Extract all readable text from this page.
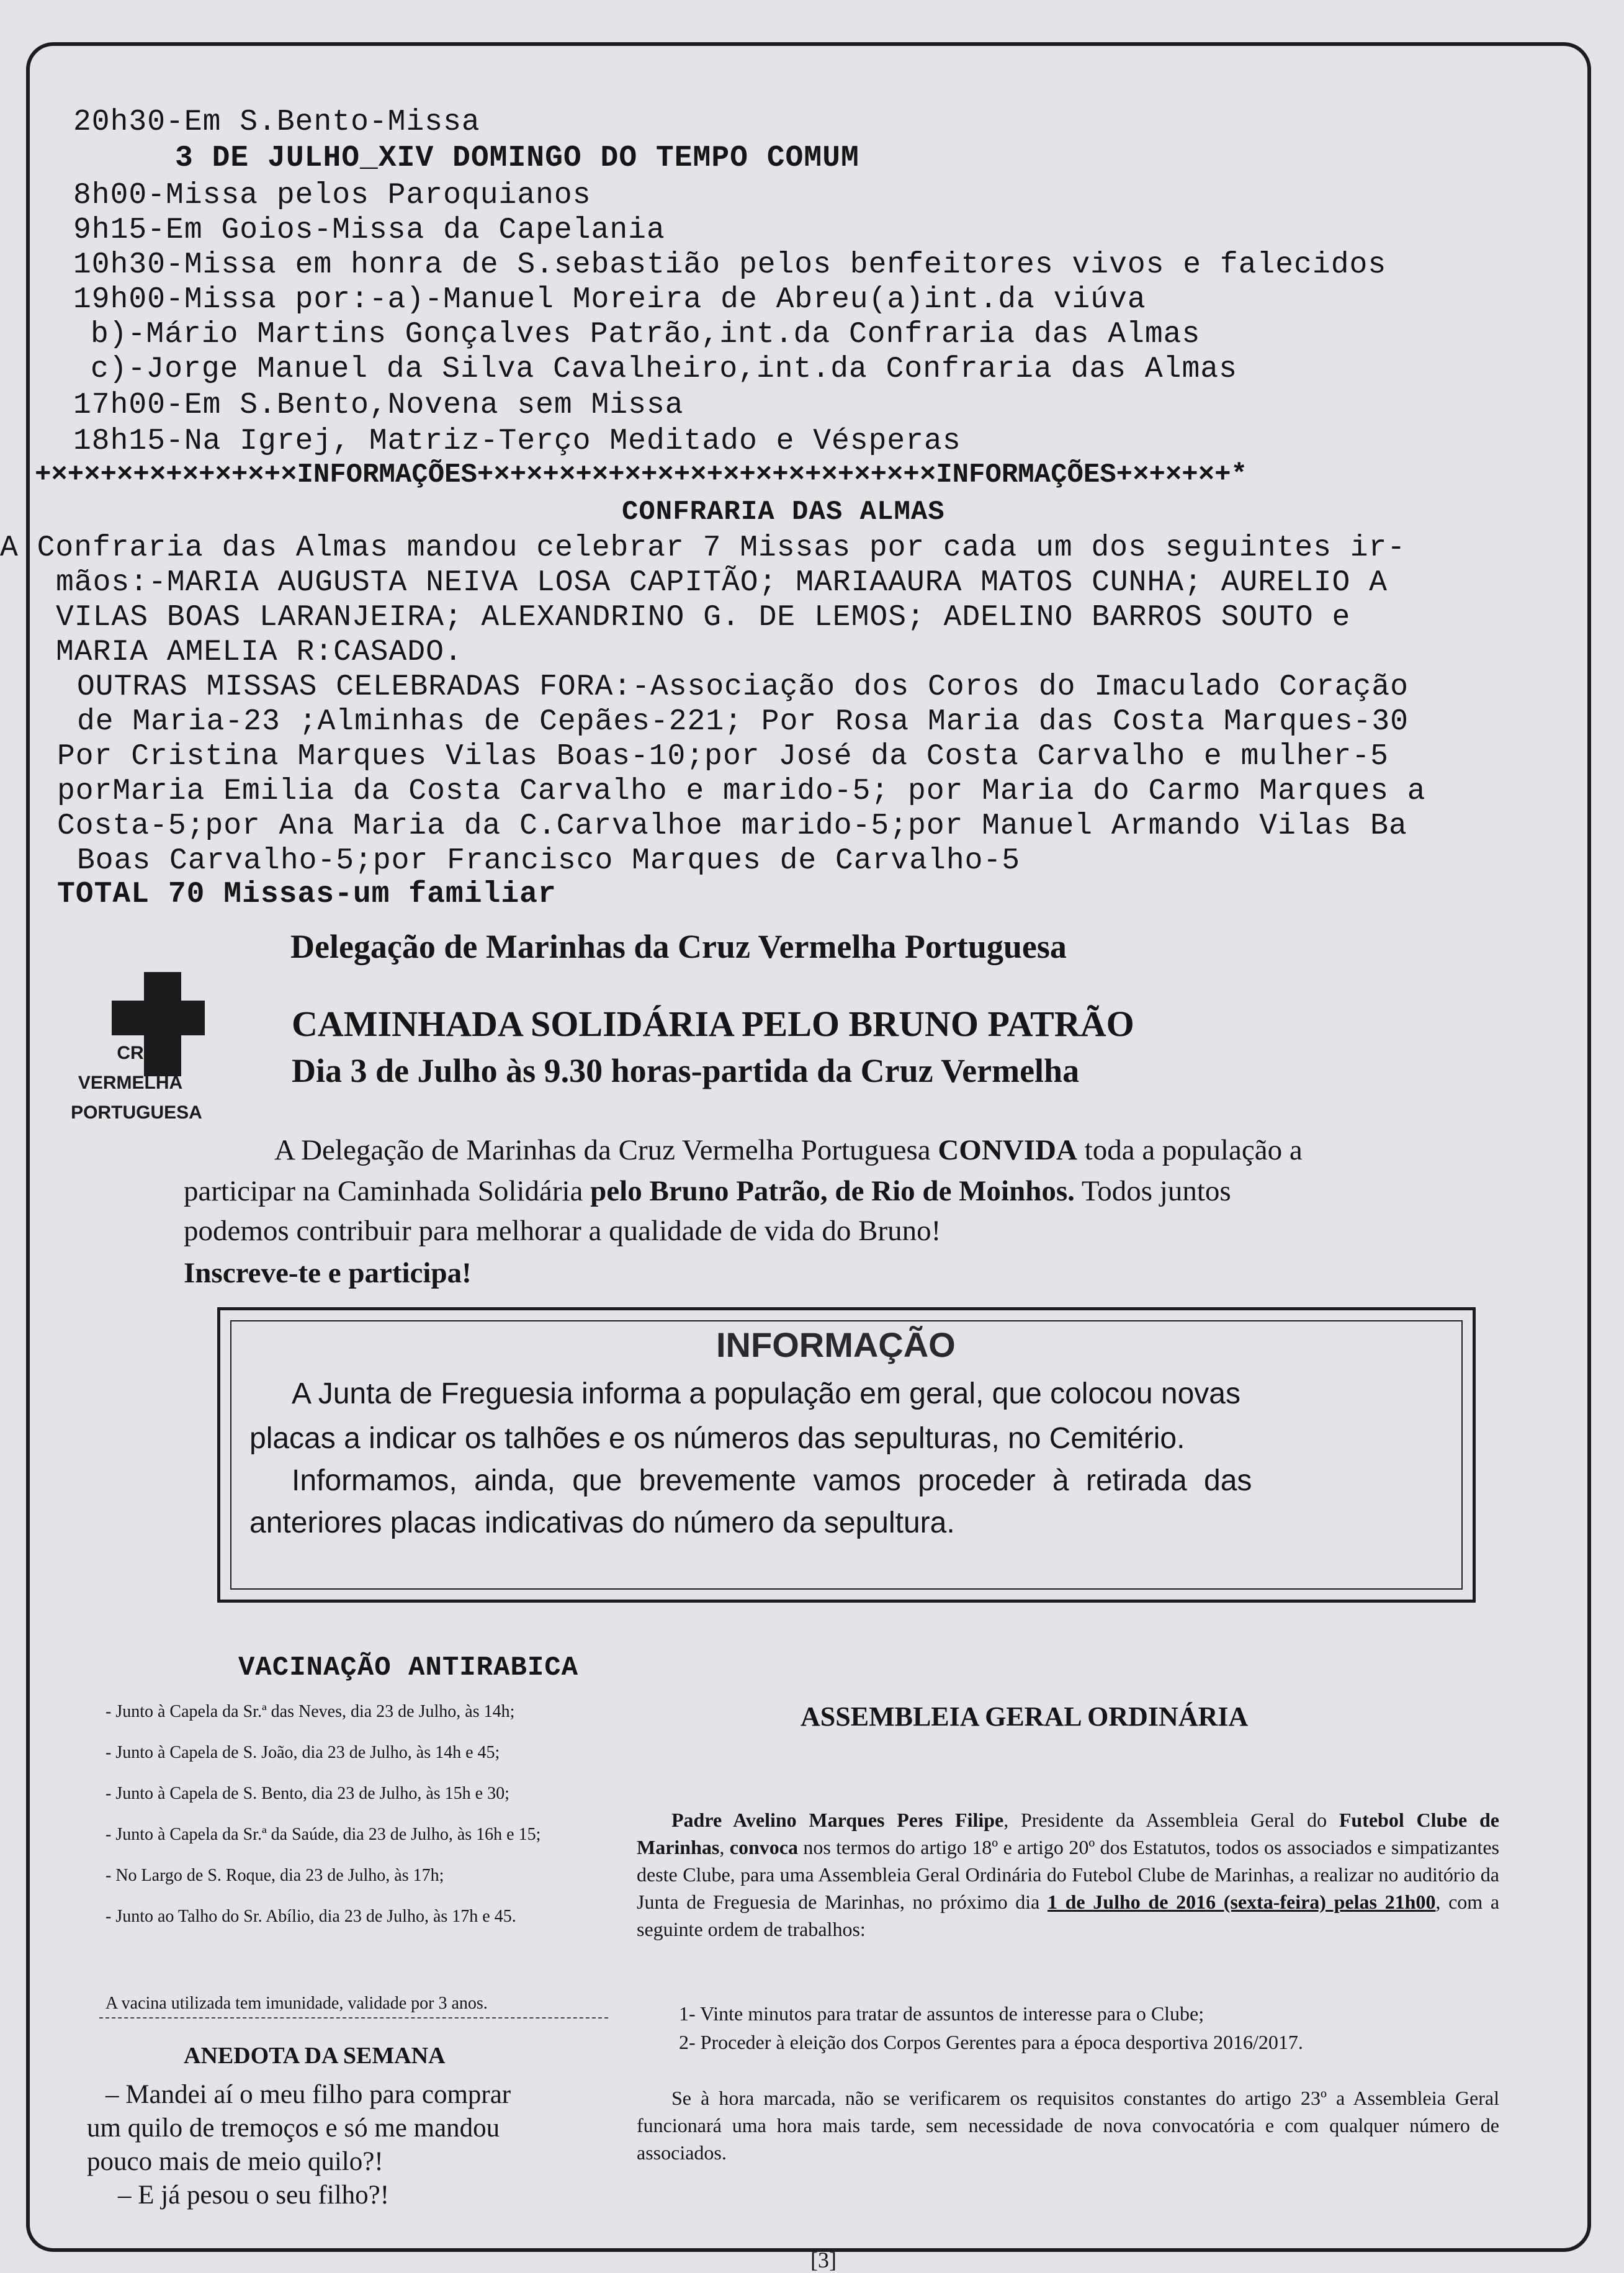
20h30-Em S.Bento-Missa
3 DE JULHO_XIV DOMINGO DO TEMPO COMUM
8h00-Missa pelos Paroquianos
9h15-Em Goios-Missa da Capelania
10h30-Missa em honra de S.sebastião pelos benfeitores vivos e falecidos
19h00-Missa por:-a)-Manuel Moreira de Abreu(a)int.da viúva
b)-Mário Martins Gonçalves Patrão,int.da Confraria das Almas
c)-Jorge Manuel da Silva Cavalheiro,int.da Confraria das Almas
17h00-Em S.Bento,Novena sem Missa
18h15-Na Igrej, Matriz-Terço Meditado e Vésperas
+×+×+×+×+×+×+×+×INFORMAÇÕES+×+×+×+×+×+×+×+×+×+×+×+×+×+×INFORMAÇÕES+×+×+×+*
CONFRARIA DAS ALMAS
A Confraria das Almas mandou celebrar 7 Missas por cada um dos seguintes ir-
mãos:-MARIA AUGUSTA NEIVA LOSA CAPITÃO; MARIAAURA MATOS CUNHA; AURELIO A
VILAS BOAS LARANJEIRA; ALEXANDRINO G. DE LEMOS; ADELINO BARROS SOUTO e
MARIA AMELIA R:CASADO.
OUTRAS MISSAS CELEBRADAS FORA:-Associação dos Coros do Imaculado Coração
de Maria-23 ;Alminhas de Cepães-221; Por Rosa Maria das Costa Marques-30
Por Cristina Marques Vilas Boas-10;por José da Costa Carvalho e mulher-5
porMaria Emilia da Costa Carvalho e marido-5; por Maria do Carmo Marques a
Costa-5;por Ana Maria da C.Carvalhoe marido-5;por Manuel Armando Vilas Ba
Boas Carvalho-5;por Francisco Marques de Carvalho-5
TOTAL 70 Missas-um familiar
CRUZ
VERMELHA
PORTUGUESA
Delegação de Marinhas da Cruz Vermelha Portuguesa
CAMINHADA SOLIDÁRIA PELO BRUNO PATRÃO
Dia 3 de Julho às 9.30 horas-partida da Cruz Vermelha
A Delegação de Marinhas da Cruz Vermelha Portuguesa CONVIDA toda a população a
participar na Caminhada Solidária pelo Bruno Patrão, de Rio de Moinhos. Todos juntos
podemos contribuir para melhorar a qualidade de vida do Bruno!
Inscreve-te e participa!
INFORMAÇÃO
A Junta de Freguesia informa a população em geral, que colocou novas
placas a indicar os talhões e os números das sepulturas, no Cemitério.
Informamos, ainda, que brevemente vamos proceder à retirada das
anteriores placas indicativas do número da sepultura.
VACINAÇÃO ANTIRABICA
- Junto à Capela da Sr.ª das Neves, dia 23 de Julho, às 14h;
- Junto à Capela de S. João, dia 23 de Julho, às 14h e 45;
- Junto à Capela de S. Bento, dia 23 de Julho, às 15h e 30;
- Junto à Capela da Sr.ª da Saúde, dia 23 de Julho, às 16h e 15;
- No Largo de S. Roque, dia 23 de Julho, às 17h;
- Junto ao Talho do Sr. Abílio, dia 23 de Julho, às 17h e 45.
A vacina utilizada tem imunidade, validade por 3 anos.
ANEDOTA DA SEMANA
– Mandei aí o meu filho para comprar
um quilo de tremoços e só me mandou
pouco mais de meio quilo?!
– E já pesou o seu filho?!
ASSEMBLEIA GERAL ORDINÁRIA
Padre Avelino Marques Peres Filipe, Presidente da Assembleia Geral do Futebol Clube de Marinhas, convoca nos termos do artigo 18º e artigo 20º dos Estatutos, todos os associados e simpatizantes deste Clube, para uma Assembleia Geral Ordinária do Futebol Clube de Marinhas, a realizar no auditório da Junta de Freguesia de Marinhas, no próximo dia 1 de Julho de 2016 (sexta-feira) pelas 21h00, com a seguinte ordem de trabalhos:
1- Vinte minutos para tratar de assuntos de interesse para o Clube;
2- Proceder à eleição dos Corpos Gerentes para a época desportiva 2016/2017.
Se à hora marcada, não se verificarem os requisitos constantes do artigo 23º a Assembleia Geral funcionará uma hora mais tarde, sem necessidade de nova convocatória e com qualquer número de associados.
[3]
